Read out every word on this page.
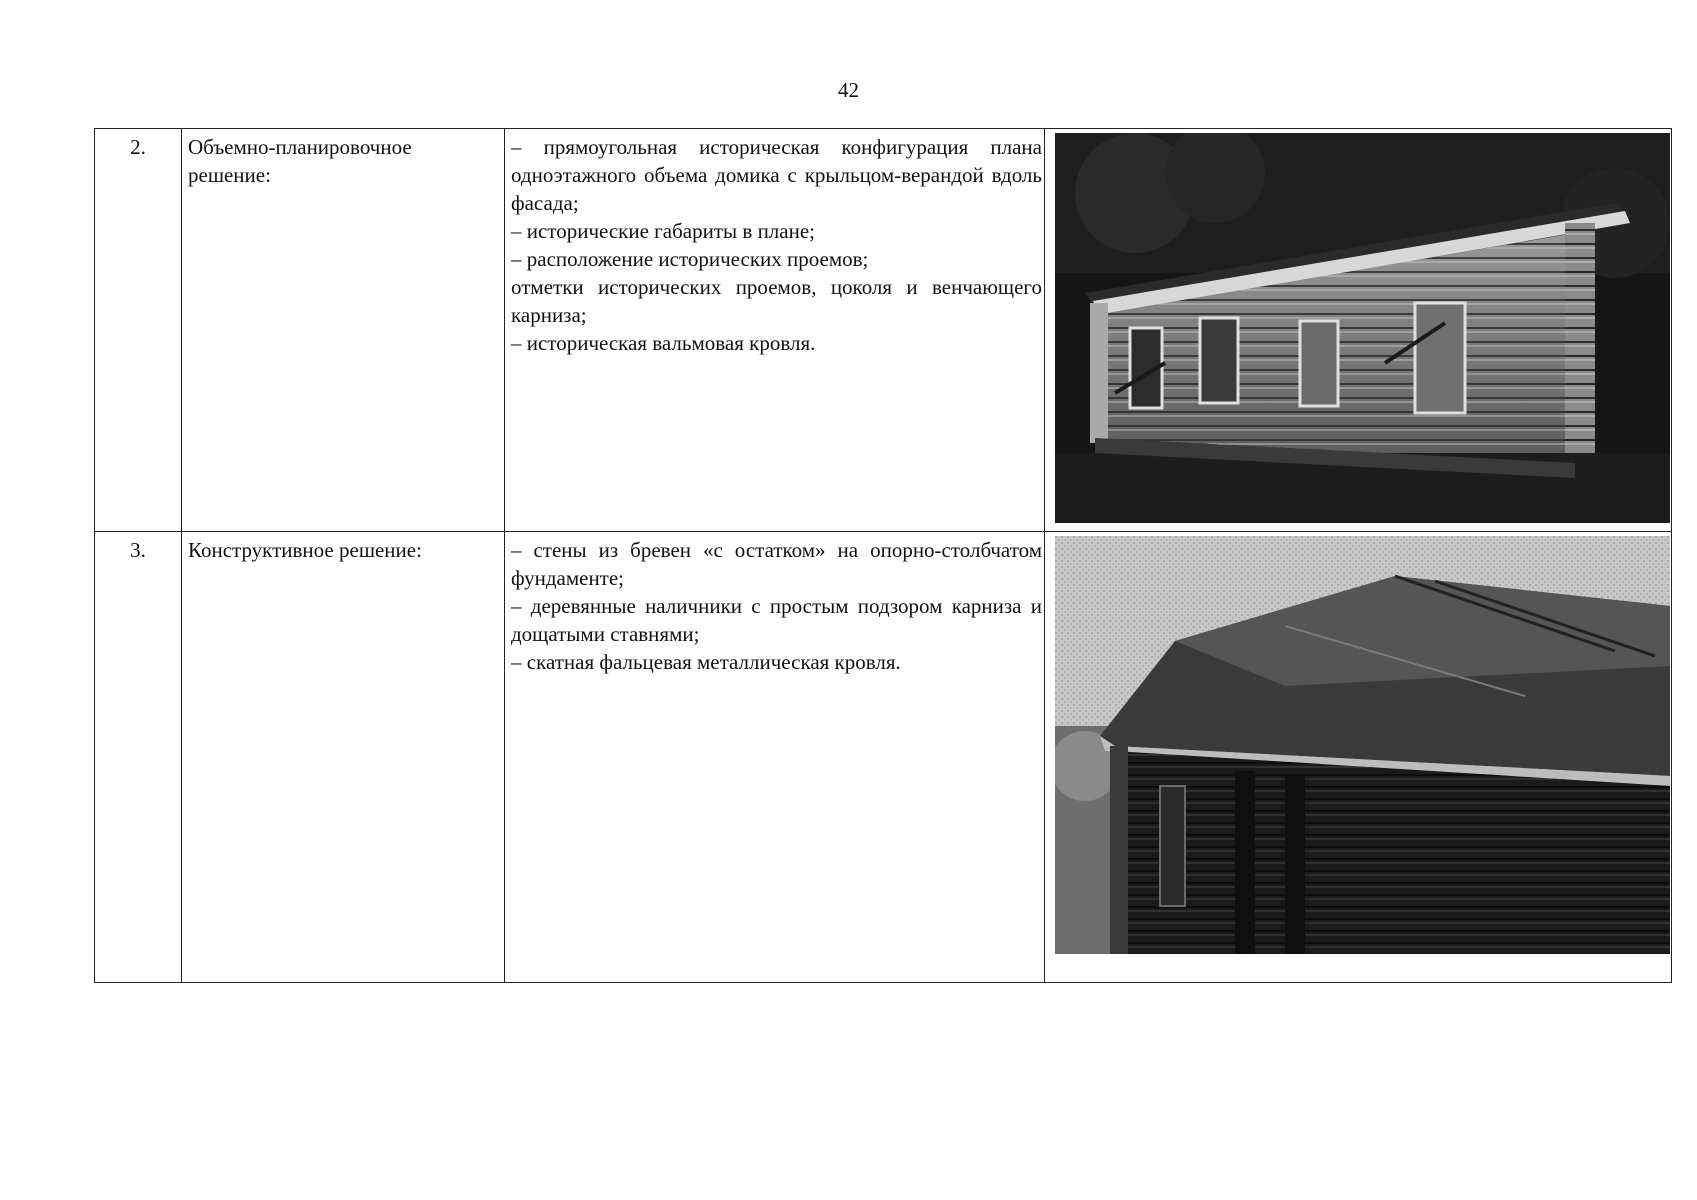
42
2.	Объемно-планировочное решение:	– прямоугольная историческая конфигурация плана одноэтажного объема домика с крыльцом-верандой вдоль фасада;

– исторические габариты в плане;

– расположение исторических проемов;

отметки исторических проемов, цоколя и венчающего карниза;

– историческая вальмовая кровля.

3.	Конструктивное решение:	– стены из бревен «с остатком» на опорно-столбчатом фундаменте;

– деревянные наличники с простым подзором карниза и дощатыми ставнями;

– скатная фальцевая металлическая кровля.
